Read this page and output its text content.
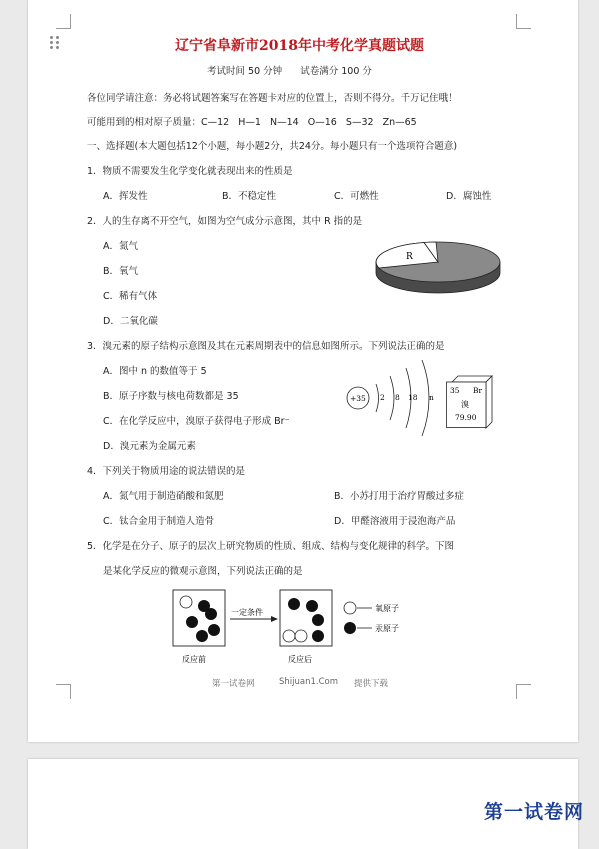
辽宁省阜新市2018年中考化学真题试题
考试时间 50 分钟      试卷满分 100 分
各位同学请注意：务必将试题答案写在答题卡对应的位置上，否则不得分。千万记住哦！
可能用到的相对原子质量：C—12   H—1   N—14   O—16   S—32   Zn—65
一、选择题(本大题包括12个小题，每小题2分，共24分。每小题只有一个选项符合题意)
1．物质不需要发生化学变化就表现出来的性质是
A．挥发性	B．不稳定性	C．可燃性	D．腐蚀性
2．人的生存离不开空气，如图为空气成分示意图，其中 R 指的是
A．氮气
B．氧气
C．稀有气体
D．二氧化碳
R
3．溴元素的原子结构示意图及其在元素周期表中的信息如图所示。下列说法正确的是
A．图中 n 的数值等于 5
B．原子序数与核电荷数都是 35
C．在化学反应中，溴原子获得电子形成 Br⁻
D．溴元素为金属元素
+35 2 8 18 n
35 Br
溴
79.90
4．下列关于物质用途的说法错误的是
A．氮气用于制造硝酸和氮肥	B．小苏打用于治疗胃酸过多症
C．钛合金用于制造人造骨	D．甲醛溶液用于浸泡海产品
5．化学是在分子、原子的层次上研究物质的性质、组成、结构与变化规律的科学。下图
是某化学反应的微观示意图，下列说法正确的是
一定条件	氧原子
汞原子
反应前	反应后
第一试卷网	Shijuan1.Com 提供下载
第一试卷网
